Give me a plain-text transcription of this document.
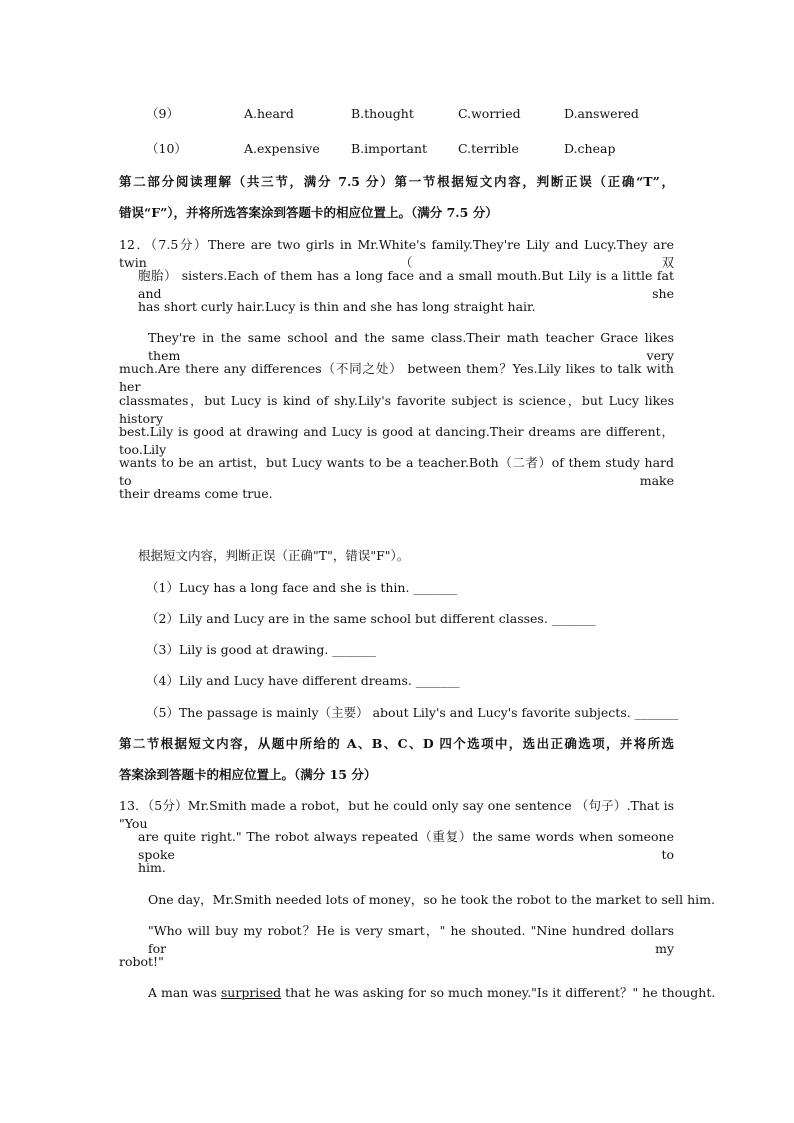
（9）	A.heard	B.thought	C.worried	D.answered
（10）	A.expensive B.important C.terrible	D.cheap
第二部分阅读理解（共三节，满分 7.5 分）第一节根据短文内容，判断正误（正确“T”，
错误“F”），并将所选答案涂到答题卡的相应位置上。（满分 7.5 分）
12．（7.5分）There are two girls in Mr.White's family.They're Lily and Lucy.They are twin （双
胞胎） sisters.Each of them has a long face and a small mouth.But Lily is a little fat and she
has short curly hair.Lucy is thin and she has long straight hair.
They're in the same school and the same class.Their math teacher Grace likes them very
much.Are there any differences（不同之处） between them？Yes.Lily likes to talk with her
classmates，but Lucy is kind of shy.Lily's favorite subject is science，but Lucy likes history
best.Lily is good at drawing and Lucy is good at dancing.Their dreams are different，too.Lily
wants to be an artist，but Lucy wants to be a teacher.Both（二者）of them study hard to make
their dreams come true.
根据短文内容，判断正误（正确"T"，错误"F"）。
（1）Lucy has a long face and she is thin. _______
（2）Lily and Lucy are in the same school but different classes. _______
（3）Lily is good at drawing. _______
（4）Lily and Lucy have different dreams. _______
（5）The passage is mainly（主要） about Lily's and Lucy's favorite subjects. _______
第二节根据短文内容，从题中所给的 A、B、C、D 四个选项中，选出正确选项，并将所选
答案涂到答题卡的相应位置上。（满分 15 分）
13．（5分）Mr.Smith made a robot，but he could only say one sentence （句子）.That is "You
are quite right." The robot always repeated（重复）the same words when someone spoke to
him.
One day，Mr.Smith needed lots of money，so he took the robot to the market to sell him.
"Who will buy my robot？He is very smart，" he shouted. "Nine hundred dollars for my
robot!"
A man was surprised that he was asking for so much money."Is it different？" he thought.
